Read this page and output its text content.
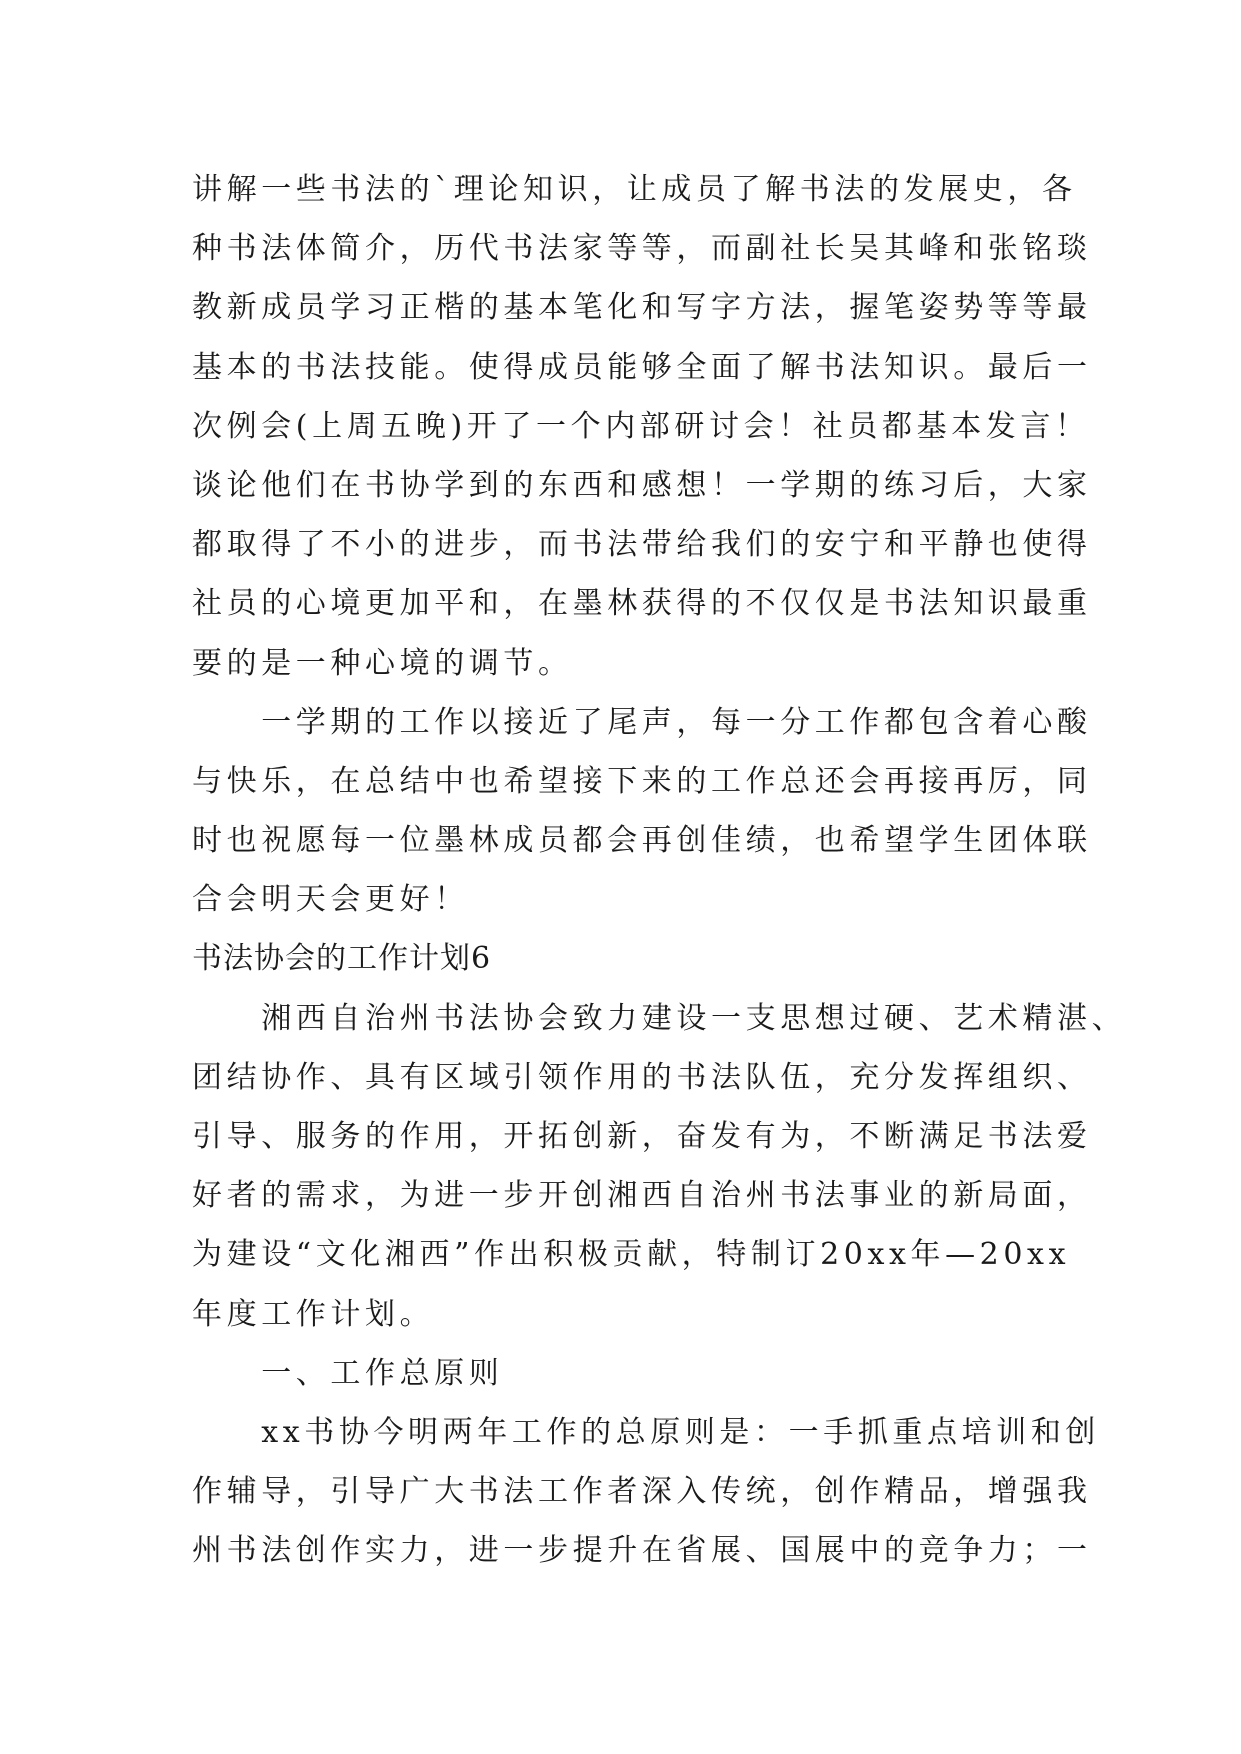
讲解一些书法的`理论知识，让成员了解书法的发展史，各
种书法体简介，历代书法家等等，而副社长吴其峰和张铭琰
教新成员学习正楷的基本笔化和写字方法，握笔姿势等等最
基本的书法技能。使得成员能够全面了解书法知识。最后一
次例会(上周五晚)开了一个内部研讨会！社员都基本发言！
谈论他们在书协学到的东西和感想！一学期的练习后，大家
都取得了不小的进步，而书法带给我们的安宁和平静也使得
社员的心境更加平和，在墨林获得的不仅仅是书法知识最重
要的是一种心境的调节。
　　一学期的工作以接近了尾声，每一分工作都包含着心酸
与快乐，在总结中也希望接下来的工作总还会再接再厉，同
时也祝愿每一位墨林成员都会再创佳绩，也希望学生团体联
合会明天会更好！
书法协会的工作计划6
　　湘西自治州书法协会致力建设一支思想过硬、艺术精湛、
团结协作、具有区域引领作用的书法队伍，充分发挥组织、
引导、服务的作用，开拓创新，奋发有为，不断满足书法爱
好者的需求，为进一步开创湘西自治州书法事业的新局面，
为建设“文化湘西”作出积极贡献，特制订20xx年—20xx
年度工作计划。
　　一、工作总原则
　　xx书协今明两年工作的总原则是：一手抓重点培训和创
作辅导，引导广大书法工作者深入传统，创作精品，增强我
州书法创作实力，进一步提升在省展、国展中的竞争力；一
